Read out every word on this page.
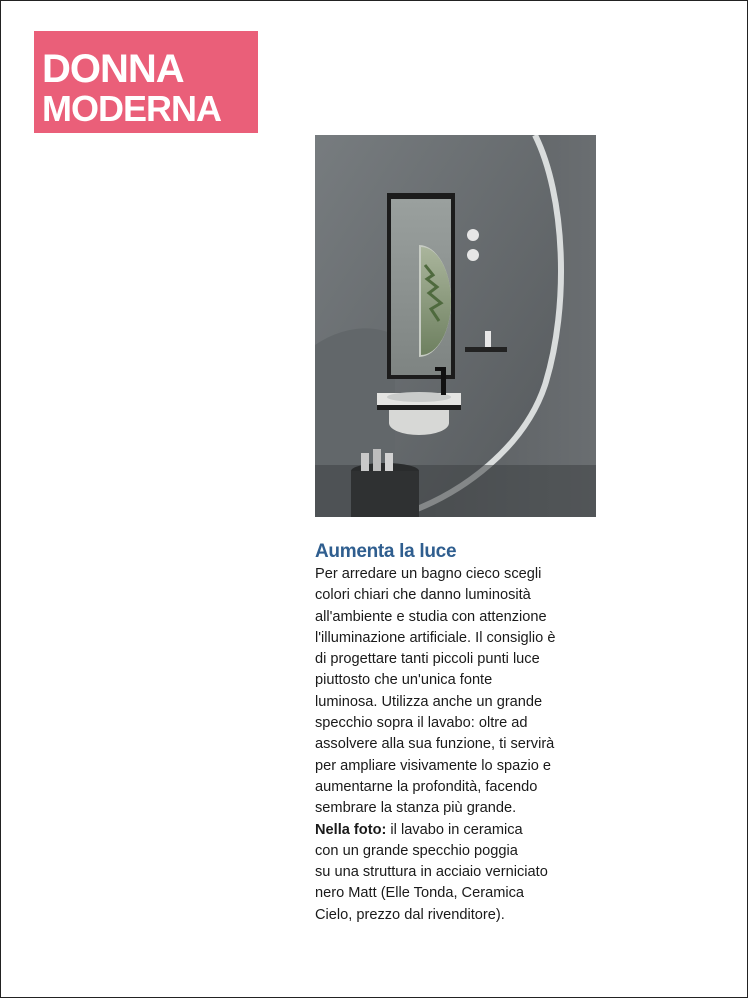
DONNA
MODERNA
Aumenta la luce

Per arredare un bagno cieco scegli
colori chiari che danno luminosità
all'ambiente e studia con attenzione
l'illuminazione artificiale. Il consiglio è
di progettare tanti piccoli punti luce
piuttosto che un'unica fonte
luminosa. Utilizza anche un grande
specchio sopra il lavabo: oltre ad
assolvere alla sua funzione, ti servirà
per ampliare visivamente lo spazio e
aumentarne la profondità, facendo
sembrare la stanza più grande.
Nella foto: il lavabo in ceramica
con un grande specchio poggia
su una struttura in acciaio verniciato
nero Matt (Elle Tonda, Ceramica
Cielo, prezzo dal rivenditore).
